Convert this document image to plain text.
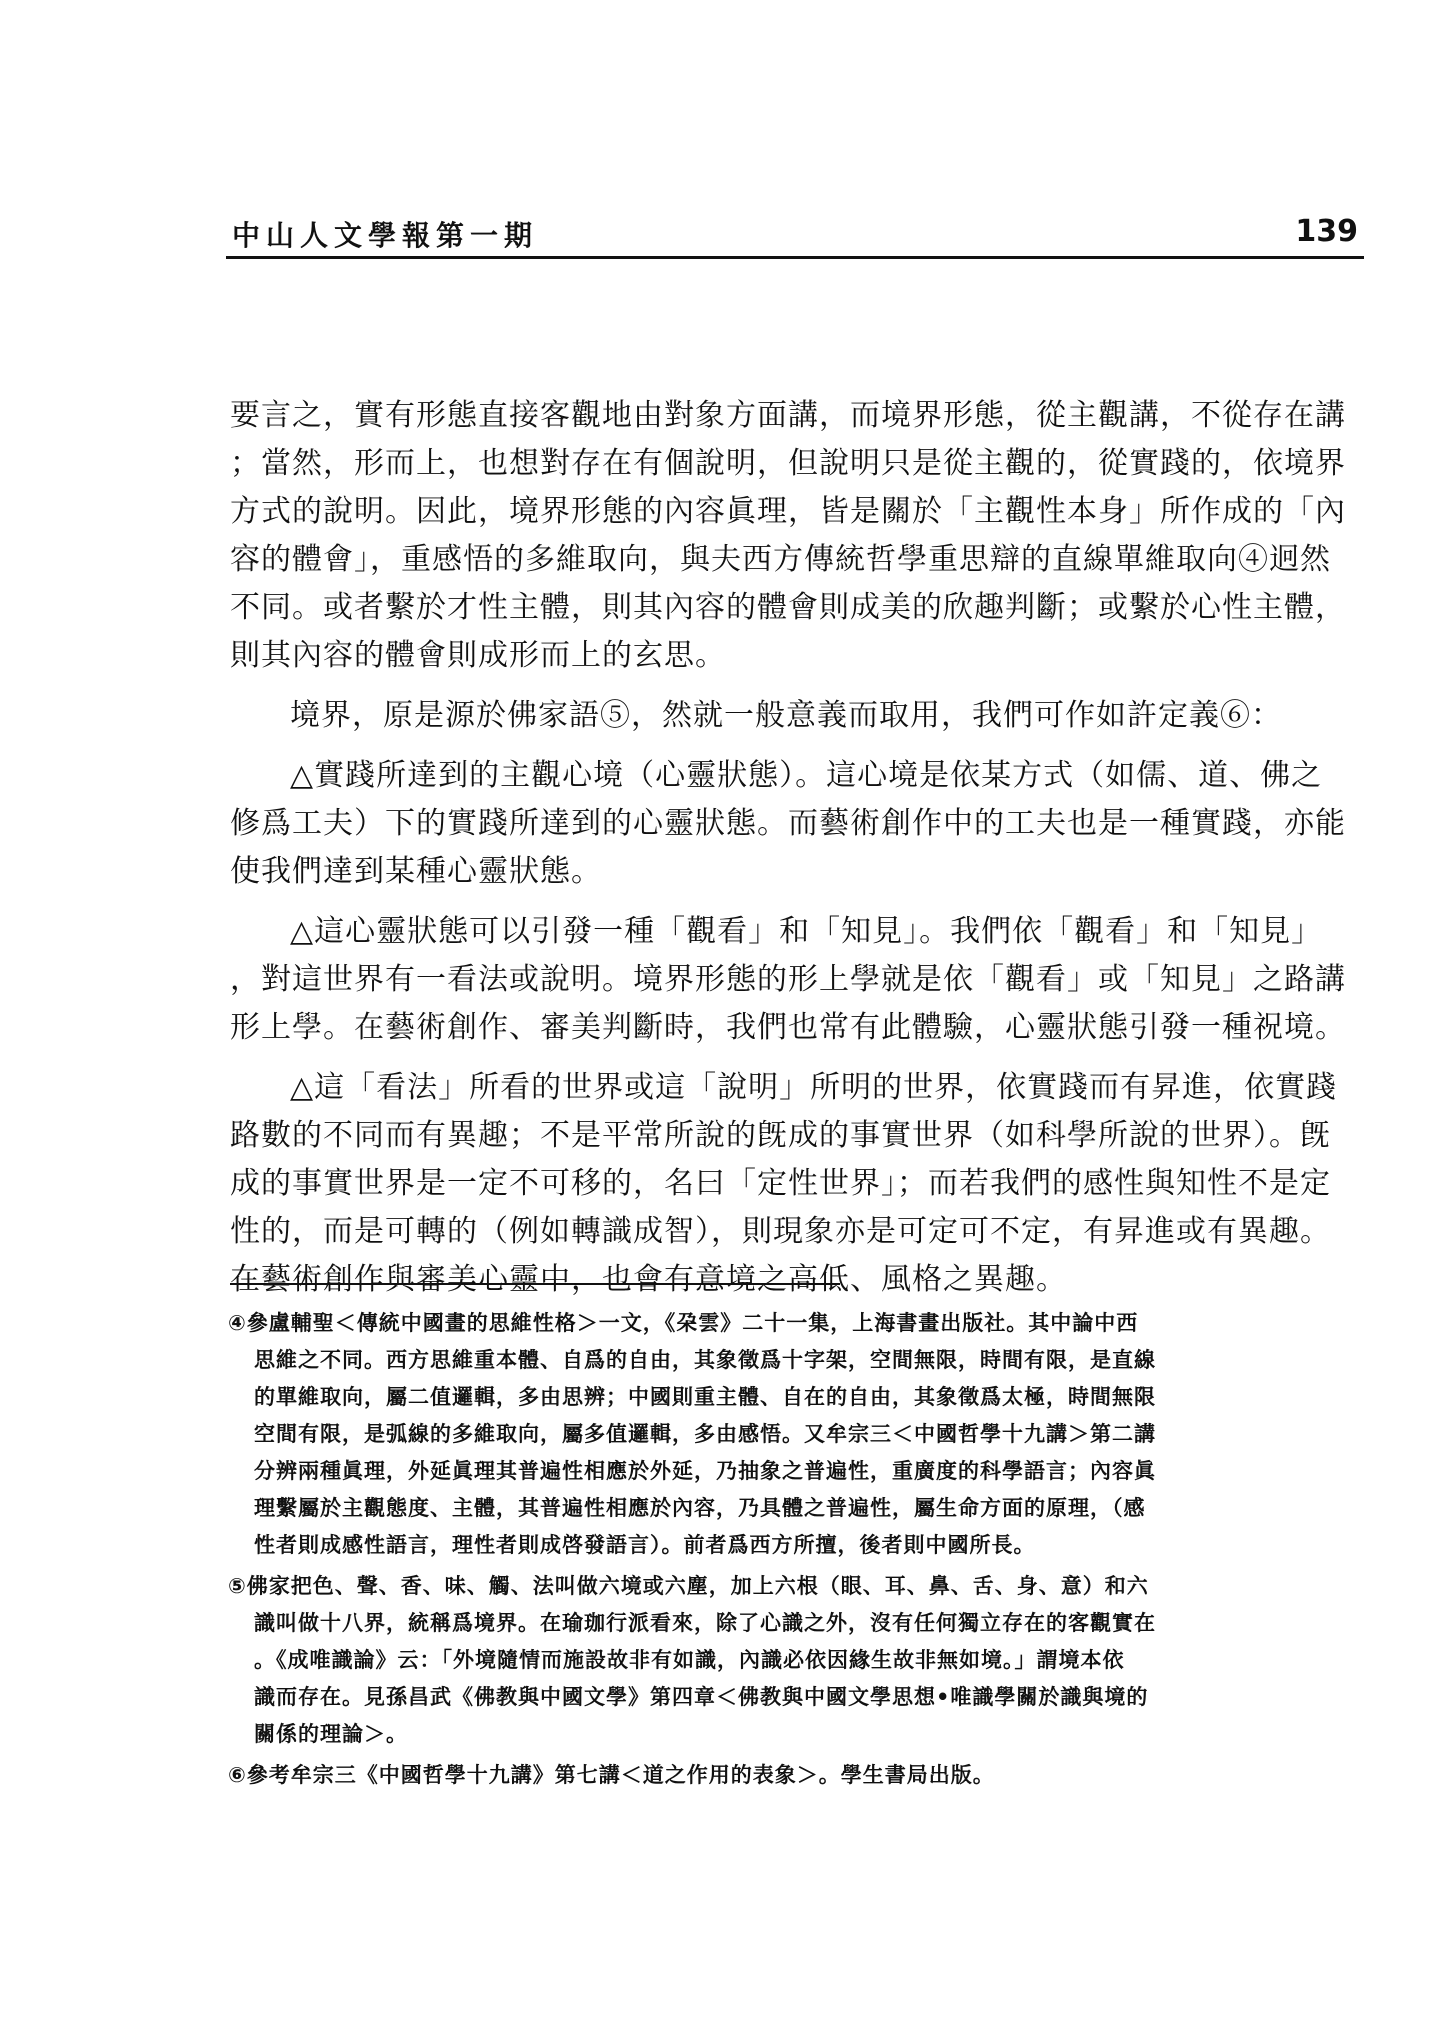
中山人文學報第一期	139
要言之，實有形態直接客觀地由對象方面講，而境界形態，從主觀講，不從存在講
；當然，形而上，也想對存在有個說明，但說明只是從主觀的，從實踐的，依境界
方式的說明。因此，境界形態的內容眞理，皆是關於「主觀性本身」所作成的「內
容的體會」，重感悟的多維取向，與夫西方傳統哲學重思辯的直線單維取向④迥然
不同。或者繫於才性主體，則其內容的體會則成美的欣趣判斷；或繫於心性主體，
則其內容的體會則成形而上的玄思。
境界，原是源於佛家語⑤，然就一般意義而取用，我們可作如許定義⑥：
△實踐所達到的主觀心境（心靈狀態）。這心境是依某方式（如儒、道、佛之
修爲工夫）下的實踐所達到的心靈狀態。而藝術創作中的工夫也是一種實踐，亦能
使我們達到某種心靈狀態。
△這心靈狀態可以引發一種「觀看」和「知見」。我們依「觀看」和「知見」
，對這世界有一看法或說明。境界形態的形上學就是依「觀看」或「知見」之路講
形上學。在藝術創作、審美判斷時，我們也常有此體驗，心靈狀態引發一種祝境。
△這「看法」所看的世界或這「說明」所明的世界，依實踐而有昇進，依實踐
路數的不同而有異趣；不是平常所說的旣成的事實世界（如科學所說的世界）。旣
成的事實世界是一定不可移的，名曰「定性世界」；而若我們的感性與知性不是定
性的，而是可轉的（例如轉識成智），則現象亦是可定可不定，有昇進或有異趣。
在藝術創作與審美心靈中，也會有意境之高低、風格之異趣。
④參盧輔聖＜傳統中國畫的思維性格＞一文，《朶雲》二十一集，上海書畫出版社。其中論中西
思維之不同。西方思維重本體、自爲的自由，其象徵爲十字架，空間無限，時間有限，是直線
的單維取向，屬二值邏輯，多由思辨；中國則重主體、自在的自由，其象徵爲太極，時間無限
空間有限，是弧線的多維取向，屬多值邏輯，多由感悟。又牟宗三＜中國哲學十九講＞第二講
分辨兩種眞理，外延眞理其普遍性相應於外延，乃抽象之普遍性，重廣度的科學語言；內容眞
理繫屬於主觀態度、主體，其普遍性相應於內容，乃具體之普遍性，屬生命方面的原理，（感
性者則成感性語言，理性者則成啓發語言）。前者爲西方所擅，後者則中國所長。
⑤佛家把色、聲、香、味、觸、法叫做六境或六塵，加上六根（眼、耳、鼻、舌、身、意）和六
識叫做十八界，統稱爲境界。在瑜珈行派看來，除了心識之外，沒有任何獨立存在的客觀實在
。《成唯識論》云：「外境隨情而施設故非有如識，內識必依因緣生故非無如境。」謂境本依
識而存在。見孫昌武《佛教與中國文學》第四章＜佛教與中國文學思想•唯識學關於識與境的
關係的理論＞。
⑥參考牟宗三《中國哲學十九講》第七講＜道之作用的表象＞。學生書局出版。
